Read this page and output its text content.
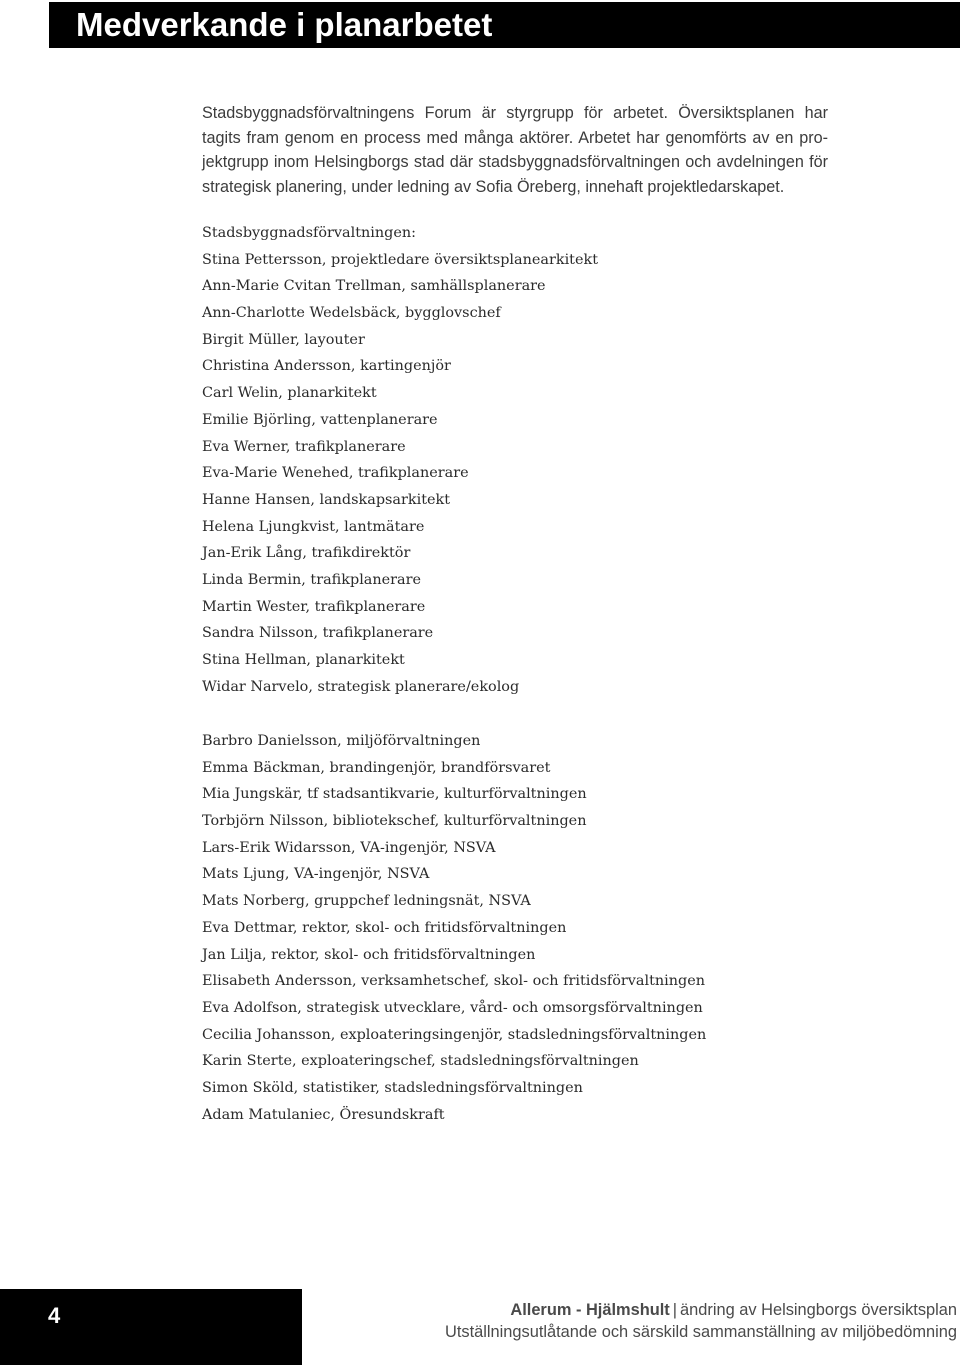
Medverkande i planarbetet

Stadsbyggnadsförvaltningens Forum är styrgrupp för arbetet. Översiktsplanen har tagits fram genom en process med många aktörer. Arbetet har genomförts av en projektgrupp inom Helsingborgs stad där stadsbyggnadsförvaltningen och avdelningen för strategisk planering, under ledning av Sofia Öreberg, innehaft projektledarskapet.

Stadsbyggnadsförvaltningen:
Stina Pettersson, projektledare översiktsplanearkitekt
Ann-Marie Cvitan Trellman, samhällsplanerare
Ann-Charlotte Wedelsbäck, bygglovschef
Birgit Müller, layouter
Christina Andersson, kartingenjör
Carl Welin, planarkitekt
Emilie Björling, vattenplanerare
Eva Werner, trafikplanerare
Eva-Marie Wenehed, trafikplanerare
Hanne Hansen, landskapsarkitekt
Helena Ljungkvist, lantmätare
Jan-Erik Lång, trafikdirektör
Linda Bermin, trafikplanerare
Martin Wester, trafikplanerare
Sandra Nilsson, trafikplanerare
Stina Hellman, planarkitekt
Widar Narvelo, strategisk planerare/ekolog
Barbro Danielsson, miljöförvaltningen
Emma Bäckman, brandingenjör, brandförsvaret
Mia Jungskär, tf stadsantikvarie, kulturförvaltningen
Torbjörn Nilsson, bibliotekschef, kulturförvaltningen
Lars-Erik Widarsson, VA-ingenjör, NSVA
Mats Ljung, VA-ingenjör, NSVA
Mats Norberg, gruppchef ledningsnät, NSVA
Eva Dettmar, rektor, skol- och fritidsförvaltningen
Jan Lilja, rektor, skol- och fritidsförvaltningen
Elisabeth Andersson, verksamhetschef, skol- och fritidsförvaltningen
Eva Adolfson, strategisk utvecklare, vård- och omsorgsförvaltningen
Cecilia Johansson, exploateringsingenjör, stadsledningsförvaltningen
Karin Sterte, exploateringschef, stadsledningsförvaltningen
Simon Sköld, statistiker, stadsledningsförvaltningen
Adam Matulaniec, Öresundskraft
4	Allerum - Hjälmshult | ändring av Helsingborgs översiktsplan
Utställningsutlåtande och särskild sammanställning av miljöbedömning
